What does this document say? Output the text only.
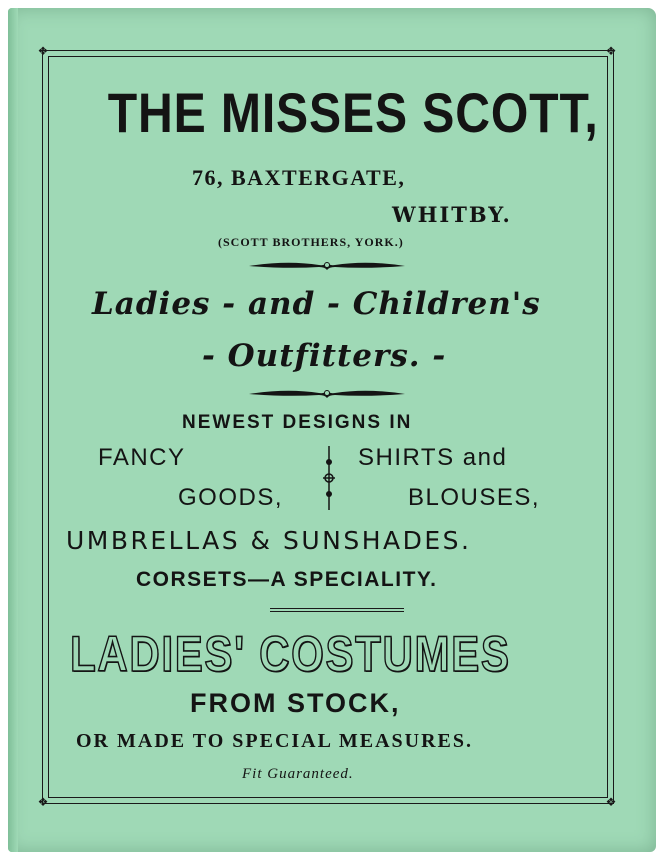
❖	❖
❖	❖
THE MISSES SCOTT,
76, BAXTERGATE,
WHITBY.
(SCOTT BROTHERS, YORK.)
Ladies - and - Children's
- Outfitters. -
NEWEST DESIGNS IN
FANCY
GOODS,
SHIRTS and
BLOUSES,
UMBRELLAS & SUNSHADES.
CORSETS—A SPECIALITY.
LADIES' COSTUMES
FROM STOCK,
OR MADE TO SPECIAL MEASURES.
Fit Guaranteed.
